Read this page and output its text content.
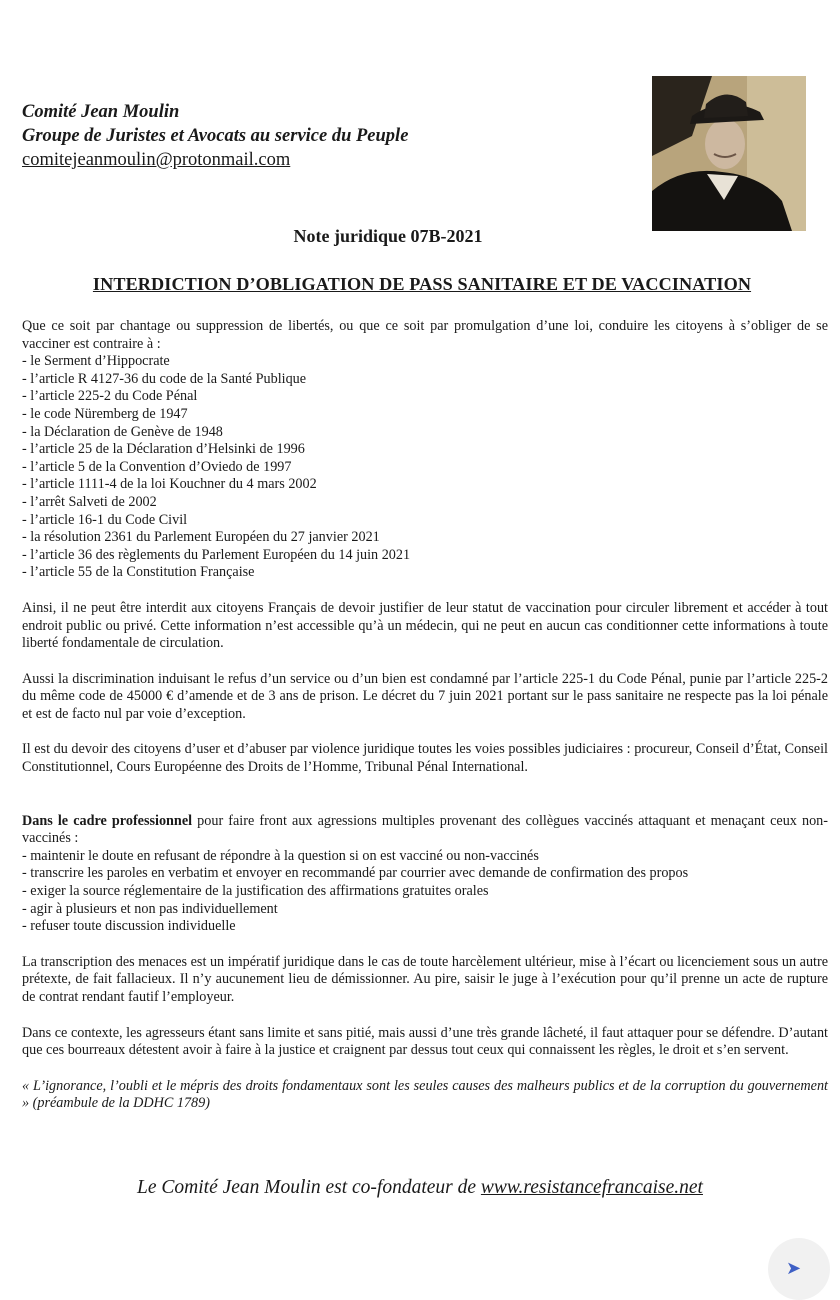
Comité Jean Moulin
Groupe de Juristes et Avocats au service du Peuple
comitejeanmoulin@protonmail.com
Note juridique 07B-2021
INTERDICTION D’OBLIGATION DE PASS SANITAIRE ET DE VACCINATION

Que ce soit par chantage ou suppression de libertés, ou que ce soit par promulgation d’une loi, conduire les citoyens à s’obliger de se vacciner est contraire à :

- le Serment d’Hippocrate
- l’article R 4127-36 du code de la Santé Publique
- l’article 225-2 du Code Pénal
- le code Nüremberg de 1947
- la Déclaration de Genève de 1948
- l’article 25 de la Déclaration d’Helsinki de 1996
- l’article 5 de la Convention d’Oviedo de 1997
- l’article 1111-4 de la loi Kouchner du 4 mars 2002
- l’arrêt Salveti de 2002
- l’article 16-1 du Code Civil
- la résolution 2361 du Parlement Européen du 27 janvier 2021
- l’article 36 des règlements du Parlement Européen du 14 juin 2021
- l’article 55 de la Constitution Française

Ainsi, il ne peut être interdit aux citoyens Français de devoir justifier de leur statut de vaccination pour circuler librement et accéder à tout endroit public ou privé. Cette information n’est accessible qu’à un médecin, qui ne peut en aucun cas conditionner cette informations à toute liberté fondamentale de circulation.

Aussi la discrimination induisant le refus d’un service ou d’un bien est condamné par l’article 225-1 du Code Pénal, punie par l’article 225-2 du même code de 45000 € d’amende et de 3 ans de prison. Le décret du 7 juin 2021 portant sur le pass sanitaire ne respecte pas la loi pénale et est de facto nul par voie d’exception.

Il est du devoir des citoyens d’user et d’abuser par violence juridique toutes les voies possibles judiciaires : procureur, Conseil d’État, Conseil Constitutionnel, Cours Européenne des Droits de l’Homme, Tribunal Pénal International.

Dans le cadre professionnel pour faire front aux agressions multiples provenant des collègues vaccinés attaquant et menaçant ceux non-vaccinés :

- maintenir le doute en refusant de répondre à la question si on est vacciné ou non-vaccinés
- transcrire les paroles en verbatim et envoyer en recommandé par courrier avec demande de confirmation des propos
- exiger la source réglementaire de la justification des affirmations gratuites orales
- agir à plusieurs et non pas individuellement
- refuser toute discussion individuelle

La transcription des menaces est un impératif juridique dans le cas de toute harcèlement ultérieur, mise à l’écart ou licenciement sous un autre prétexte, de fait fallacieux. Il n’y aucunement lieu de démissionner. Au pire, saisir le juge à l’exécution pour qu’il prenne un acte de rupture de contrat rendant fautif l’employeur.

Dans ce contexte, les agresseurs étant sans limite et sans pitié, mais aussi d’une très grande lâcheté, il faut attaquer pour se défendre. D’autant que ces bourreaux détestent avoir à faire à la justice et craignent par dessus tout ceux qui connaissent les règles, le droit et s’en servent.

« L’ignorance, l’oubli et le mépris des droits fondamentaux sont les seules causes des malheurs publics et de la corruption du gouvernement » (préambule de la DDHC 1789)

Le Comité Jean Moulin est co-fondateur de www.resistancefrancaise.net
➤
